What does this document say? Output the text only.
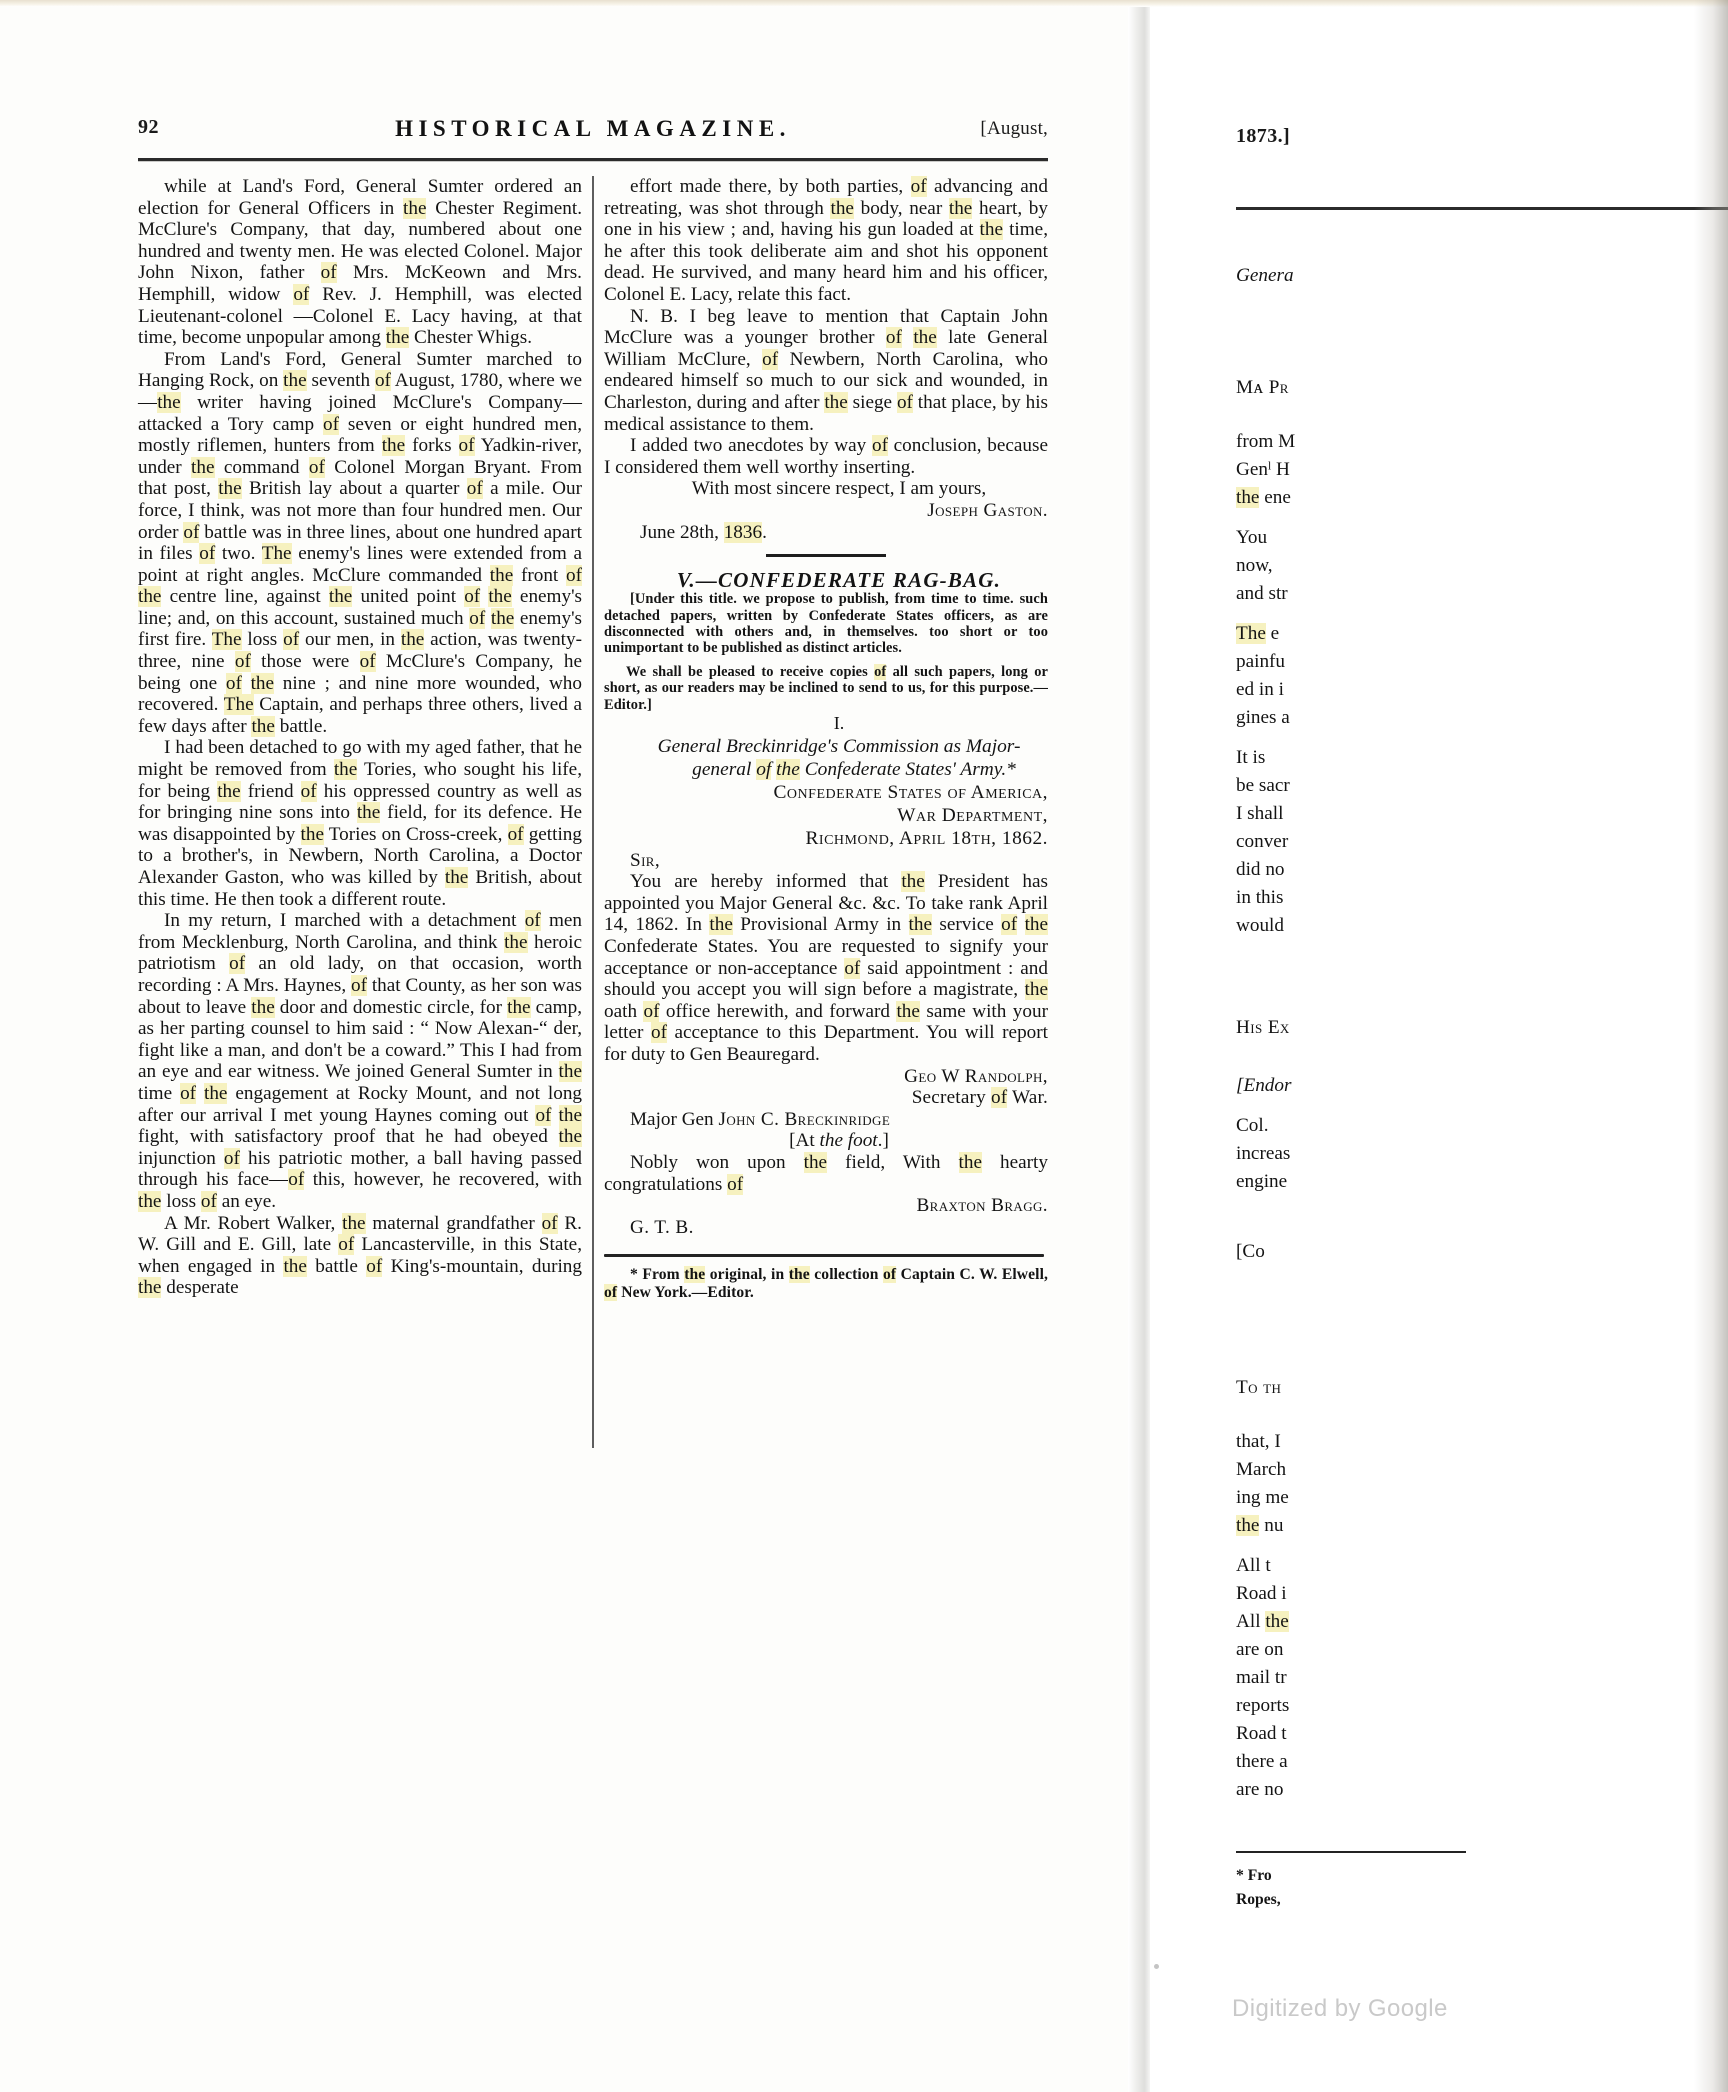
92	HISTORICAL MAGAZINE.	[August,

while at Land's Ford, General Sumter ordered an election for General Officers in the Chester Regiment. McClure's Company, that day, numbered about one hundred and twenty men. He was elected Colonel. Major John Nixon, father of Mrs. McKeown and Mrs. Hemphill, widow of Rev. J. Hemphill, was elected Lieutenant-colonel —Colonel E. Lacy having, at that time, become unpopular among the Chester Whigs.

From Land's Ford, General Sumter marched to Hanging Rock, on the seventh of August, 1780, where we—the writer having joined McClure's Company—attacked a Tory camp of seven or eight hundred men, mostly riflemen, hunters from the forks of Yadkin-river, under the command of Colonel Morgan Bryant. From that post, the British lay about a quarter of a mile. Our force, I think, was not more than four hundred men. Our order of battle was in three lines, about one hundred apart in files of two. The enemy's lines were extended from a point at right angles. McClure commanded the front of the centre line, against the united point of the enemy's line; and, on this account, sustained much of the enemy's first fire. The loss of our men, in the action, was twenty-three, nine of those were of McClure's Company, he being one of the nine ; and nine more wounded, who recovered. The Captain, and perhaps three others, lived a few days after the battle.

I had been detached to go with my aged father, that he might be removed from the Tories, who sought his life, for being the friend of his oppressed country as well as for bringing nine sons into the field, for its defence. He was disappointed by the Tories on Cross-creek, of getting to a brother's, in Newbern, North Carolina, a Doctor Alexander Gaston, who was killed by the British, about this time. He then took a different route.

In my return, I marched with a detachment of men from Mecklenburg, North Carolina, and think the heroic patriotism of an old lady, on that occasion, worth recording : A Mrs. Haynes, of that County, as her son was about to leave the door and domestic circle, for the camp, as her parting counsel to him said : “ Now Alexan-“ der, fight like a man, and don't be a coward.” This I had from an eye and ear witness. We joined General Sumter in the time of the engagement at Rocky Mount, and not long after our arrival I met young Haynes coming out of the fight, with satisfactory proof that he had obeyed the injunction of his patriotic mother, a ball having passed through his face—of this, however, he recovered, with the loss of an eye.

A Mr. Robert Walker, the maternal grandfather of R. W. Gill and E. Gill, late of Lancasterville, in this State, when engaged in the battle of King's-mountain, during the desperate

effort made there, by both parties, of advancing and retreating, was shot through the body, near the heart, by one in his view ; and, having his gun loaded at the time, he after this took deliberate aim and shot his opponent dead. He survived, and many heard him and his officer, Colonel E. Lacy, relate this fact.

N. B. I beg leave to mention that Captain John McClure was a younger brother of the late General William McClure, of Newbern, North Carolina, who endeared himself so much to our sick and wounded, in Charleston, during and after the siege of that place, by his medical assistance to them.

I added two anecdotes by way of conclusion, because I considered them well worthy inserting.

With most sincere respect, I am yours,

Joseph Gaston.

June 28th, 1836.

V.—CONFEDERATE RAG-BAG.

[Under this title. we propose to publish, from time to time. such detached papers, written by Confederate States officers, as are disconnected with others and, in themselves. too short or too unimportant to be published as distinct articles.

We shall be pleased to receive copies of all such papers, long or short, as our readers may be inclined to send to us, for this purpose.—Editor.]

I.

General Breckinridge's Commission as Major-
general of the Confederate States' Army.*

Confederate States of America,

War Department,

Richmond, April 18th, 1862.

Sir,

You are hereby informed that the President has appointed you Major General &c. &c. To take rank April 14, 1862. In the Provisional Army in the service of the Confederate States. You are requested to signify your acceptance or non-acceptance of said appointment : and should you accept you will sign before a magistrate, the oath of office herewith, and forward the same with your letter of acceptance to this Department. You will report for duty to Gen Beauregard.

Geo W Randolph,

Secretary of War.

Major Gen John C. Breckinridge

[At the foot.]

Nobly won upon the field, With the hearty congratulations of

Braxton Bragg.

G. T. B.

* From the original, in the collection of Captain C. W. Elwell, of New York.—Editor.

1873.]
Genera
Mᴀ Pr
from M
Genˡ H
the ene
You
now,
and str
The e
painfu
ed in i
gines a
It is
be sacr
I shall
conver
did no
in this
would
His Ex
[Endor
Col.
increas
engine
[Co
To th
that, I
March
ing me
the nu
All t
Road i
All the
are on
mail tr
reports
Road t
there a
are no
* Fro
Ropes,
Digitized by Google
